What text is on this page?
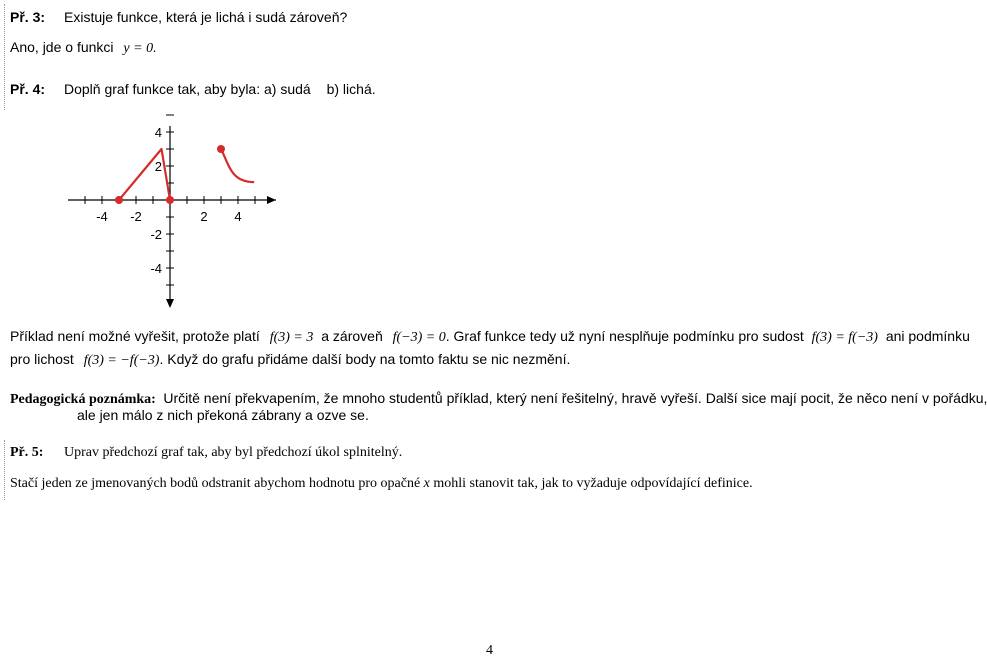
Př. 3: Existuje funkce, která je lichá i sudá zároveň?
Ano, jde o funkci y = 0.
Př. 4: Doplň graf funkce tak, aby byla: a) sudá b) lichá.
-4 -2	2 4
4
2
-2
-4
Příklad není možné vyřešit, protože platí f(3) = 3 a zároveň f(−3) = 0. Graf funkce tedy už nyní nesplňuje podmínku pro sudost f(3) = f(−3) ani podmínku
pro lichost f(3) = −f(−3). Když do grafu přidáme další body na tomto faktu se nic nezmění.
Pedagogická poznámka: Určitě není překvapením, že mnoho studentů příklad, který není řešitelný, hravě vyřeší. Další sice mají pocit, že něco není v pořádku,
ale jen málo z nich překoná zábrany a ozve se.
Př. 5: Uprav předchozí graf tak, aby byl předchozí úkol splnitelný.
Stačí jeden ze jmenovaných bodů odstranit abychom hodnotu pro opačné x mohli stanovit tak, jak to vyžaduje odpovídající definice.
4
